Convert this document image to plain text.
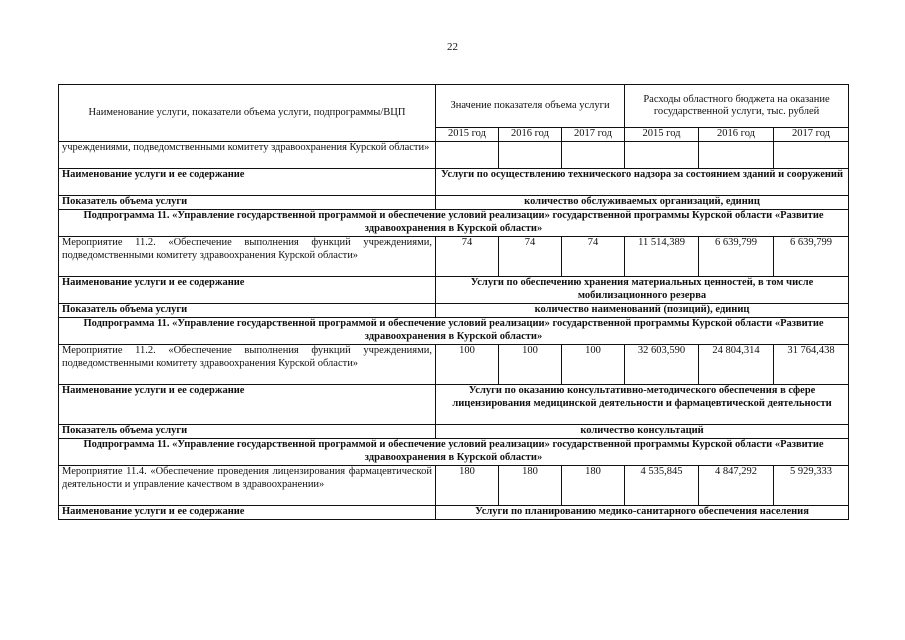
22
Наименование услуги, показатели объема услуги, подпрограммы/ВЦП	Значение показателя объема услуги			Расходы областного бюджета на оказание государственной услуги, тыс. рублей		
	2015 год	2016 год	2017 год	2015 год	2016 год	2017 год
учреждениями, подведомственными комитету здравоохранения Курской области»						
Наименование услуги и ее содержание	Услуги по осуществлению технического надзора за состоянием зданий и сооружений					
Показатель объема услуги	количество обслуживаемых организаций, единиц					
Подпрограмма 11. «Управление государственной программой и обеспечение условий реализации» государственной программы Курской области «Развитие здравоохранения в Курской области»						
Мероприятие 11.2. «Обеспечение выполнения функций учреждениями, подведомственными комитету здравоохранения Курской области»	74	74	74	11 514,389	6 639,799	6 639,799
Наименование услуги и ее содержание	Услуги по обеспечению хранения материальных ценностей, в том числе мобилизационного резерва					
Показатель объема услуги	количество наименований (позиций), единиц					
Подпрограмма 11. «Управление государственной программой и обеспечение условий реализации» государственной программы Курской области «Развитие здравоохранения в Курской области»						
Мероприятие 11.2. «Обеспечение выполнения функций учреждениями, подведомственными комитету здравоохранения Курской области»	100	100	100	32 603,590	24 804,314	31 764,438
Наименование услуги и ее содержание	Услуги по оказанию консультативно-методического обеспечения в сфере лицензирования медицинской деятельности и фармацевтической деятельности					
Показатель объема услуги	количество консультаций					
Подпрограмма 11. «Управление государственной программой и обеспечение условий реализации» государственной программы Курской области «Развитие здравоохранения в Курской области»						
Мероприятие 11.4. «Обеспечение проведения лицензирования фармацевтической деятельности и управление качеством в здравоохранении»	180	180	180	4 535,845	4 847,292	5 929,333
Наименование услуги и ее содержание	Услуги по планированию медико-санитарного обеспечения населения					
